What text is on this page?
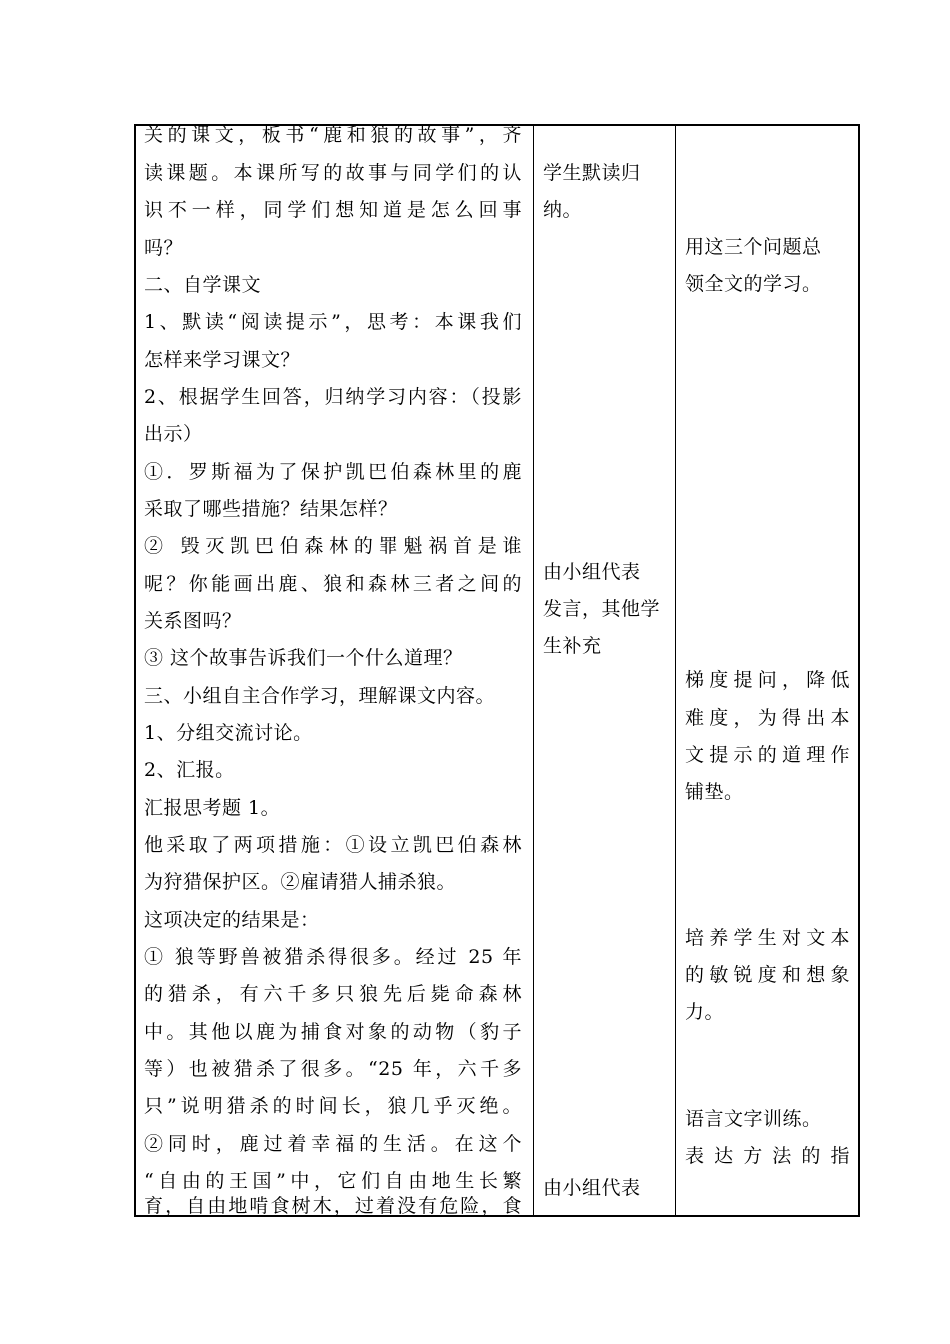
关的课文，板书“鹿和狼的故事”，齐
读课题。本课所写的故事与同学们的认
识不一样，同学们想知道是怎么回事
吗？
二、自学课文
1、默读“阅读提示”，思考：本课我们
怎样来学习课文？
2、根据学生回答，归纳学习内容：（投影
出示）
①．罗斯福为了保护凯巴伯森林里的鹿
采取了哪些措施？结果怎样？
② 毁灭凯巴伯森林的罪魁祸首是谁
呢？你能画出鹿、狼和森林三者之间的
关系图吗？
③ 这个故事告诉我们一个什么道理？
三、小组自主合作学习，理解课文内容。
1、分组交流讨论。
2、汇报。
汇报思考题 1。
他采取了两项措施：①设立凯巴伯森林
为狩猎保护区。②雇请猎人捕杀狼。
这项决定的结果是：
① 狼等野兽被猎杀得很多。经过 25 年
的猎杀，有六千多只狼先后毙命森林
中。其他以鹿为捕食对象的动物（豹子
等）也被猎杀了很多。“25 年，六千多
只”说明猎杀的时间长，狼几乎灭绝。
②同时，鹿过着幸福的生活。在这个
“自由的王国”中，它们自由地生长繁
育，自由地啃食树木，过着没有危险，食
学生默读归
纳。
由小组代表
发言，其他学
生补充
由小组代表
用这三个问题总
领全文的学习。
梯度提问，降低
难度，为得出本
文提示的道理作
铺垫。
培养学生对文本
的敏锐度和想象
力。
语言文字训练。
表达方法的指
